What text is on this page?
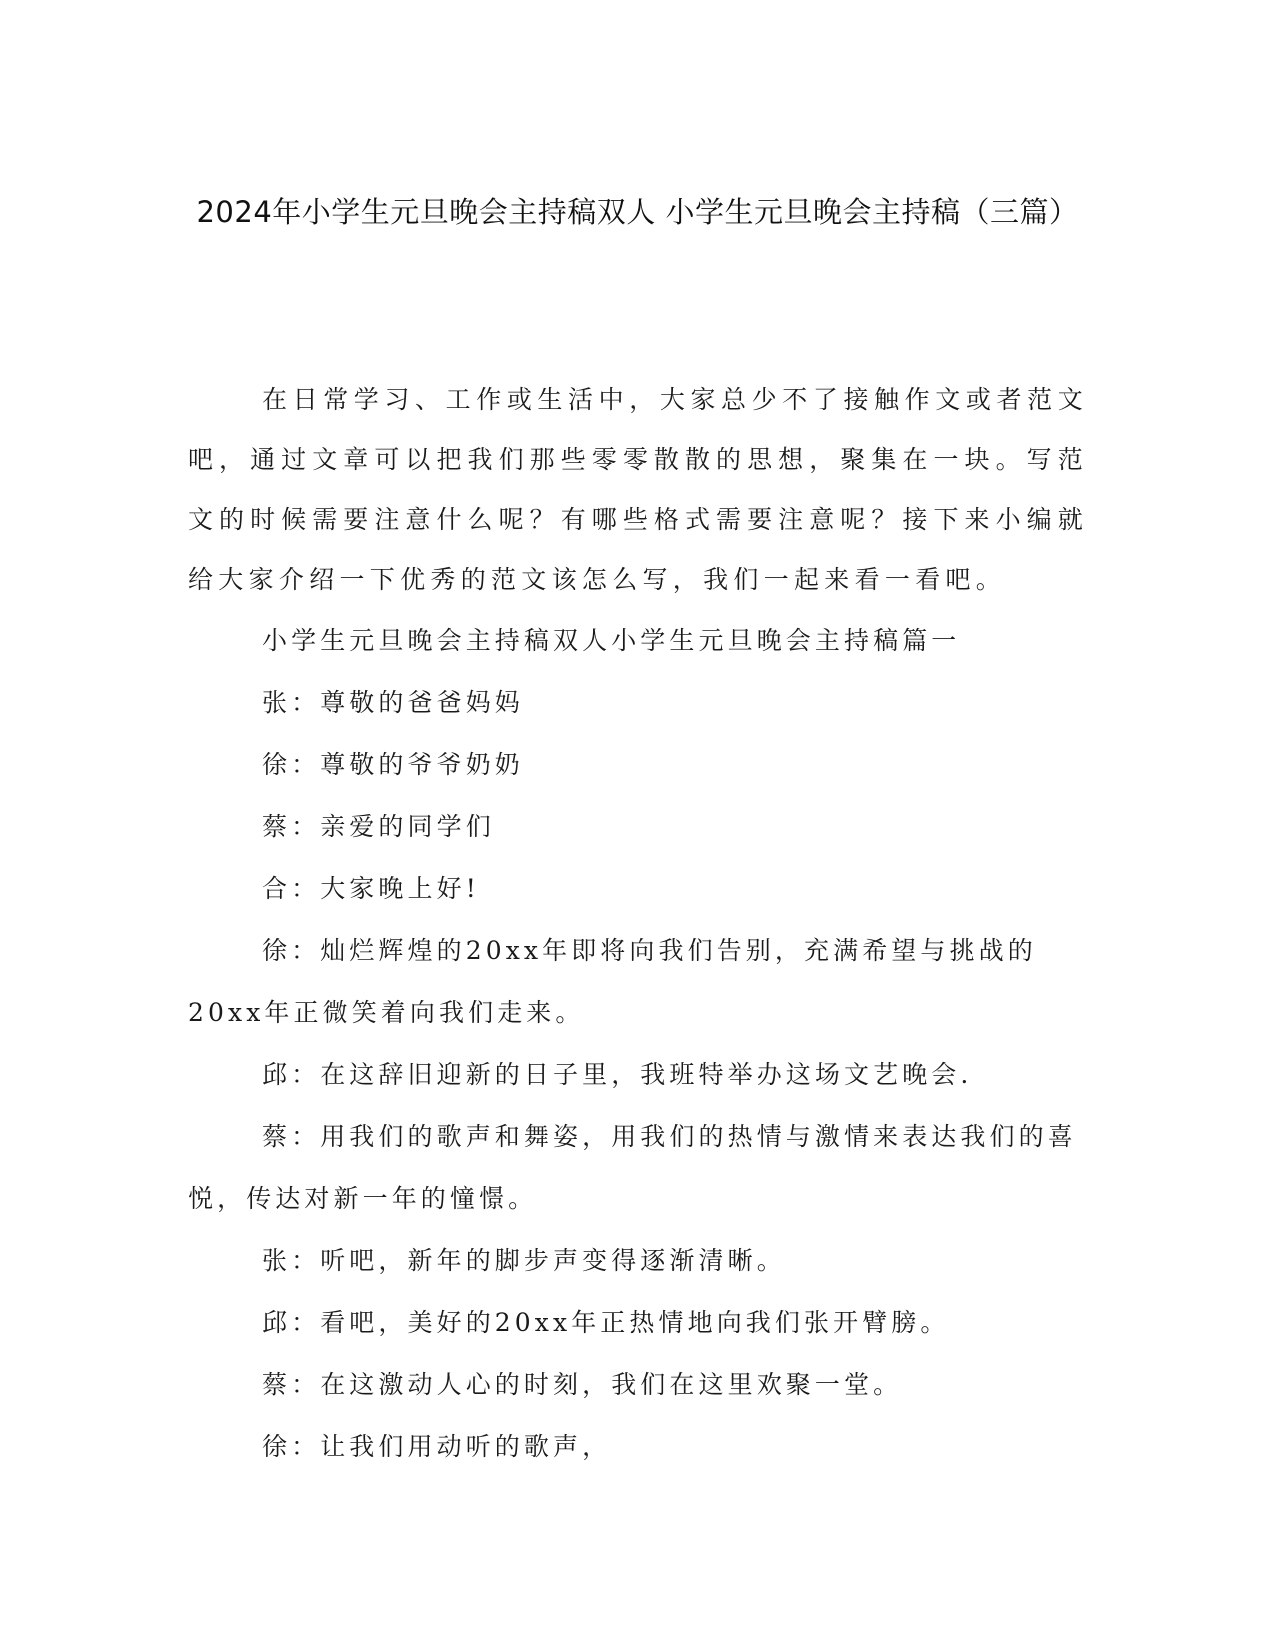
2024年小学生元旦晚会主持稿双人 小学生元旦晚会主持稿（三篇）

在日常学习、工作或生活中，大家总少不了接触作文或者范文吧，通过文章可以把我们那些零零散散的思想，聚集在一块。写范文的时候需要注意什么呢？有哪些格式需要注意呢？接下来小编就给大家介绍一下优秀的范文该怎么写，我们一起来看一看吧。

小学生元旦晚会主持稿双人小学生元旦晚会主持稿篇一

张：尊敬的爸爸妈妈

徐：尊敬的爷爷奶奶

蔡：亲爱的同学们

合：大家晚上好!

徐：灿烂辉煌的20xx年即将向我们告别，充满希望与挑战的20xx年正微笑着向我们走来。

邱：在这辞旧迎新的日子里，我班特举办这场文艺晚会.

蔡：用我们的歌声和舞姿，用我们的热情与激情来表达我们的喜悦，传达对新一年的憧憬。

张：听吧，新年的脚步声变得逐渐清晰。

邱：看吧，美好的20xx年正热情地向我们张开臂膀。

蔡：在这激动人心的时刻，我们在这里欢聚一堂。

徐：让我们用动听的歌声，
